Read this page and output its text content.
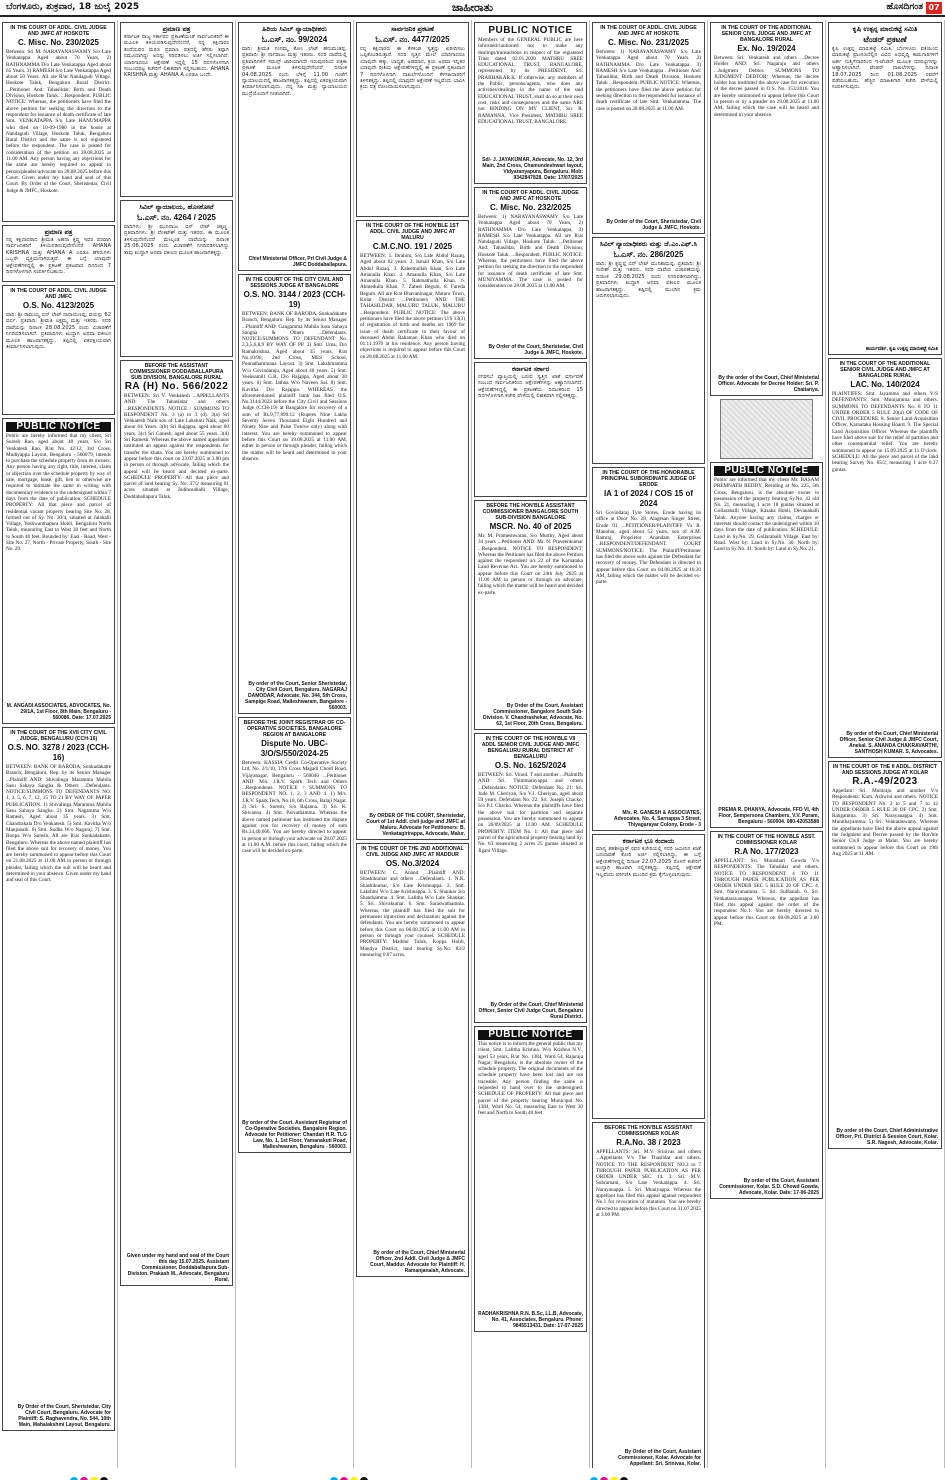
ಬೆಂಗಳೂರು, ಶುಕ್ರವಾರ, 18 ಜುಲೈ 2025	ಜಾಹೀರಾತು	ಹೊಸದಿಗಂತ 07
IN THE COURT OF ADDL. CIVIL JUDGE AND JMFC AT HOSKOTE
C. Misc. No. 230/2025
Between: Sri M. NARAYANASWAMY S/o Late Venkatappa Aged about 70 Years, 2) RATHNAMMA D/o Late Venkatappa Aged about 65 Years. 3) RAMESH S/o Late Venkatappa Aged about 50 Years. All are R/at Nandagudi Village, Hoskote Taluk, Bengaluru Rural District. ...Petitioner And: Tahasildar, Birth and Death Division, Hoskote Taluk. ...Respondent. PUBLIC NOTICE: Whereas, the petitioners have filed the above petition for seeking the direction to the respondent for issuance of death certificate of late Smt. VENKATAPPA S/o Late HANUMAPPA who died on 10-09-1980 in the house at Nandagudi Village, Hoskote Taluk, Bengaluru Rural District and the same is not registered before the respondent. The case is posted for consideration of the petition on 28.08.2025 at 11.00 AM. Any person having any objections for the same are hereby required to appear in person/pleader/advocate on 28.08.2025 before this Court. Given under my hand and seal of this Court. By Order of the Court, Sheristedar, Civil Judge & JMFC, Hoskote.
ಪ್ರಮಾಣ ಪತ್ರ
ನನ್ನ ಕಕ್ಷಿದಾರರಾದ ಶ್ರೀಮತಿ ಅಹನಾ ಕೃಷ್ಣ ಇವರ ಪರವಾಗಿ ಸಾರ್ವಜನಿಕರಿಗೆ ತಿಳಿಯಪಡಿಸುವುದೇನೆಂದರೆ AHANA KRISHNA ಮತ್ತು AHANA A ಎರಡೂ ಹೆಸರುಗಳು ಒಬ್ಬರೇ ವ್ಯಕ್ತಿಯದಾಗಿರುತ್ತವೆ. ಈ ಬಗ್ಗೆ ಯಾವುದೇ ಆಕ್ಷೇಪಣೆಗಳಿದ್ದಲ್ಲಿ ಈ ಪ್ರಕಟಣೆ ಪ್ರಕಟವಾದ ದಿನದಿಂದ 7 ದಿನಗಳೊಳಗಾಗಿ ಸಂಪರ್ಕಿಸಬಹುದು.
IN THE COURT OF ADDL. CIVIL JUDGE AND JMFC
O.S. No. 4123/2025
ವಾದಿ: ಶ್ರೀ ರಾಮಯ್ಯ ಬಿನ್ ಲೇಟ್ ನಾರಾಯಣಪ್ಪ, ವಯಸ್ಸು 62 ವರ್ಷ. ಪ್ರತಿವಾದಿ: ಶ್ರೀಮತಿ ಲಕ್ಷ್ಮಮ್ಮ ಮತ್ತು ಇತರರು. ಸದರಿ ದಾವೆಯನ್ನು ದಿನಾಂಕ 28.08.2025 ರಂದು ವಿಚಾರಣೆಗೆ ನಿಗದಿಪಡಿಸಲಾಗಿದೆ. ಪ್ರತಿವಾದಿಗಳು ಖುದ್ದಾಗಿ ಅಥವಾ ವಕೀಲರ ಮೂಲಕ ಹಾಜರಾಗತಕ್ಕದ್ದು, ತಪ್ಪಿದಲ್ಲಿ ಏಕಪಕ್ಷೀಯವಾಗಿ ತೀರ್ಮಾನಿಸಲಾಗುವುದು.
PUBLIC NOTICE
Public are hereby informed that my client, Sri Suresh Rao, aged about 48 years, S/o Sri Venkatesh Rao, R/at No. 42/12, 3rd Cross, Mudiyappa Layout, Bengaluru - 560079, intends to purchase the schedule property from its owners. Any person having any right, title, interest, claim or objection over the schedule property by way of sale, mortgage, lease, gift, lien or otherwise are required to intimate the same in writing with documentary evidence to the undersigned within 7 days from the date of publication. SCHEDULE PROPERTY: All that piece and parcel of residential vacant property bearing Site No. 28, formed out of Sy. No. 30/4, situated at Jalahalli Village, Yeshwanthapura Hobli, Bengaluru North Taluk, measuring East to West 30 feet and North to South 40 feet. Bounded by: East - Road, West - Site No. 27, North - Private Property, South - Site No. 29.
M. ANGADI ASSOCIATES, ADVOCATES, No. 29/1A, 1st Floor, 8th Main, Bengaluru - 560086. Date: 17.07.2025
IN THE COURT OF THE XVII CITY CIVIL JUDGE, BENGALURU (CCH-16)
O.S. NO. 3278 / 2023 (CCH-16)
BETWEEN: BANK OF BARODA, Sunkadakatte Branch, Bengaluru, Rep. by its Senior Manager ...Plaintiff AND: Shivalinga Maramma Mahila Sasu Sahaya Sangha & Others ...Defendants. NOTICE/SUMMONS TO DEFENDANTS NO. 1, 3, 5, 6, 7, 12, 15 TO 21 BY WAY OF PAPER PUBLICATION. 1) Shivalinga Maramma Mahila Sasu Sahaya Sangha. 2) Smt. Nagamma W/o Ramesh, Aged about 35 years. 3) Smt. Chandrakala D/o Venkatesh. 5) Smt. Kavitha W/o Manjunath. 6) Smt. Sudha W/o Nagaraj. 7) Smt. Roopa W/o Suresh. All are R/at Sunkadakatte, Bengaluru. Whereas the above named plaintiff has filed the above suit for recovery of money. You are hereby summoned to appear before this Court on 21.08.2025 at 11.00 AM in person or through pleader, failing which the suit will be heard and determined in your absence. Given under my hand and seal of this Court.
By Order of the Court, Sheristedar, City Civil Court, Bengaluru. Advocate for Plaintiff: S. Raghavendra, No. 544, 10th Main, Mahalakshmi Layout, Bengaluru.
ಪ್ರಮಾಣ ಪತ್ರ
ಕರ್ನಾಟಕ ರಾಜ್ಯ ಸರ್ಕಾರದ ಪ್ರಕಟಣೆಯಂತೆ ಸಾರ್ವಜನಿಕರಿಗೆ ಈ ಮೂಲಕ ತಿಳಿಯಪಡಿಸುವುದೇನೆಂದರೆ, ನನ್ನ ಕಕ್ಷಿದಾರರ ತಂದೆಯವರ ಮರಣ ಪ್ರಮಾಣ ಪತ್ರದಲ್ಲಿ ಹೆಸರು ತಪ್ಪಾಗಿ ನಮೂದಾಗಿದ್ದು ಅದನ್ನು ಸರಿಪಡಿಸಲು ಅರ್ಜಿ ಸಲ್ಲಿಸಲಾಗಿದೆ. ಯಾರಿಗಾದರೂ ಆಕ್ಷೇಪಣೆ ಇದ್ದಲ್ಲಿ 15 ದಿನಗಳೊಳಗಾಗಿ ಸಂಬಂಧಪಟ್ಟ ಕಚೇರಿಗೆ ಲಿಖಿತವಾಗಿ ಸಲ್ಲಿಸಬಹುದು. AHANA KRISHNA ಮತ್ತು AHANA A ಎರಡೂ ಒಂದೇ.
ಸಿವಿಲ್ ನ್ಯಾಯಾಲಯ, ಹೊಸಕೋಟೆ
ಓ.ಎಸ್. ನಂ. 4264 / 2025
ವಾದಿಗಳು: ಶ್ರೀ ಮುನಿರಾಜು ಬಿನ್ ಲೇಟ್ ಚಿಕ್ಕಣ್ಣ. ಪ್ರತಿವಾದಿಗಳು: ಶ್ರೀ ವೆಂಕಟೇಶ್ ಮತ್ತು ಇತರರು. ಈ ಮೂಲಕ ತಿಳಿಸುವುದೇನೆಂದರೆ ಮೇಲ್ಕಂಡ ದಾವೆಯನ್ನು ದಿನಾಂಕ 25.08.2025 ರಂದು ವಿಚಾರಣೆಗೆ ನಿಗದಿಪಡಿಸಲಾಗಿದ್ದು ತಾವು ಖುದ್ದಾಗಿ ಅಥವಾ ವಕೀಲರ ಮೂಲಕ ಹಾಜರಾಗತಕ್ಕದ್ದು.
BEFORE THE ASSISTANT COMMISSIONER DODDABALLAPURA SUB DIVISION, BANGALORE RURAL
RA (H) No. 566/2022
BETWEEN: Sri V. Venkatesh ...APPELLANTS AND: The Tahasildar and others ...RESPONDENTS. NOTICE / SUMMONS TO RESPONDENT No. 3 (a) to 3 (d). 3(a) Sri Venkatesh Naik son of Late Lakshmi Naik, aged about 64 Years. 3(b) Sri Rajappa, aged about 60 years. 3(c) Sri Ganesh, aged about 55 years. 3(d) Sri Ramesh. Whereas the above named appellants instituted an appeal against the respondents for transfer the khata. You are hereby summoned to appear before this court on 23.07.2025 at 3.00 pm in person or through advocate, failing which the appeal will be heard and decided ex-parte. SCHEDULE PROPERTY: All that piece and parcel of land bearing Sy. No. 37/2 measuring 01 acres situated at Jodihosahalli Village, Doddaballapura Taluk.
Given under my hand and seal of the Court this day 15.07.2025. Assistant Commissioner, Doddaballapura Sub-Division. Prakash M., Advocate, Bengaluru Rural.
ಹಿರಿಯ ಸಿವಿಲ್ ನ್ಯಾಯಾಧೀಶರು
ಓ.ಎಸ್. ನಂ. 99/2024
ವಾದಿ: ಶ್ರೀಮತಿ ಗಂಗಮ್ಮ ಕೋಂ ಲೇಟ್ ಹನುಮಂತಪ್ಪ. ಪ್ರತಿವಾದಿ: ಶ್ರೀ ನಾಗರಾಜು ಮತ್ತು ಇತರರು. ಸದರಿ ದಾವೆಯಲ್ಲಿ ಪ್ರತಿವಾದಿಗಳಿಗೆ ಸಮನ್ಸ್ ಜಾರಿಯಾಗದೇ ಇರುವುದರಿಂದ ಪತ್ರಿಕಾ ಪ್ರಕಟಣೆ ಮೂಲಕ ತಿಳಿಸುವುದೇನೆಂದರೆ ದಿನಾಂಕ 04.08.2025 ರಂದು ಬೆಳಿಗ್ಗೆ 11.00 ಗಂಟೆಗೆ ನ್ಯಾಯಾಲಯದಲ್ಲಿ ಹಾಜರಾಗತಕ್ಕದ್ದು, ತಪ್ಪಿದಲ್ಲಿ ಏಕಪಕ್ಷೀಯವಾಗಿ ತೀರ್ಮಾನಿಸಲಾಗುವುದು. ನನ್ನ ಸಹಿ ಮತ್ತು ನ್ಯಾಯಾಲಯದ ಮುದ್ರೆಯೊಂದಿಗೆ ನೀಡಲಾಗಿದೆ.
Chief Ministerial Officer, Prl Civil Judge & JMFC Doddaballapura.
IN THE COURT OF THE CITY CIVIL AND SESSIONS JUDGE AT BANGALORE
O.S. NO. 3144 / 2023 (CCH-19)
BETWEEN: BANK OF BARODA, Sunkadakatte Branch, Bengaluru. Rep. by its Senior Manager ...Plaintiff AND: Gangamma Mahila Sasu Sahaya Sangha & Others ...Defendants. NOTICE/SUMMONS TO DEFENDANT No. 2,3,5,6,8,9 BY WAY OF PP. 2) Smt. Uma, D/o Ramakrishna, Aged about 35 years, R/at No.10/96, 2nd Cross, MES School, Ponnathammana Layout. 3) Smt. Lakshmamma W/o Govindaraju, Aged about 40 years. 5) Smt. Veeksamill G.R. D/o Rajappa, Aged about 30 years. 6) Smt. Jathna W/o Naveen Sai. 8) Smt. Kavitha D/o Rajappa. WHEREAS the aforementioned plaintiff bank has filed O.S. No.3144/2023 before the City Civil and Sessions Judge (CCH-19) at Bangalore for recovery of a sum of Rs.9,77,899.12 (Rupees Nine Lakhs Seventy Seven Thousand Eight Hundred and Ninety Nine and Paise Twelve only) along with interest. You are hereby summoned to appear before this Court on 19.08.2025 at 11.00 AM, either in person or through pleader, failing which the matter will be heard and determined in your absence.
By order of the Court, Senior Sheristedar, City Civil Court, Bengaluru. NAGARAJ DAMODAR, Advocate, No. 344, 5th Cross, Sampige Road, Malleshwaram, Bangalore - 560003.
BEFORE THE JOINT REGISTRAR OF CO-OPERATIVE SOCIETIES, BANGALORE REGION AT BANGALORE
Dispute No. UBC-3/O/S/550/2024-25
Between: KASSIA Credit Co-Operative Society Ltd, No. 2/1/10, 17th Cross Magadi Chord Road, Vijayanagar, Bengaluru - 560040 ...Petitioner AND: M/s. J.R.V. Spark Tech and Others ...Respondents. NOTICE / SUMMONS TO RESPONDENT NO. 1, 2, 3 AND 4. 1) M/s. J.R.V. Spark Tech, No.18, 6th Cross, Balaji Nagar. 2) Sri. S. Suresh, S/o Rajanna. 3) Sri. K. Shivanna. 4) Smt. Parvathamma. Whereas the above named petitioner has instituted the dispute against you for recovery of money of sum Rs.14,40,666. You are hereby directed to appear in person or through your advocate on 28.07.2025 at 11.00 A.M. before this court, failing which the case will be decided ex-parte.
By order of the Court. Assistant Registrar of Co-Operative Societies, Bangalore Region. Advocate for Petitioner: Chandan H.R. TLG Law, No. 1, 1st Floor, Yamanakuti Road, Malleshwaram, Bengaluru - 560003.
ಸಾರ್ವಜನಿಕ ಪ್ರಕಟಣೆ
ಓ.ಎಸ್. ನಂ. 4477/2025
ನನ್ನ ಕಕ್ಷಿದಾರರು ಈ ಕೆಳಕಂಡ ಸ್ವತ್ತನ್ನು ಖರೀದಿಸಲು ಒಪ್ಪಿಕೊಂಡಿರುತ್ತಾರೆ. ಸದರಿ ಸ್ವತ್ತಿನ ಮೇಲೆ ಯಾರಿಗಾದರೂ ಯಾವುದೇ ಹಕ್ಕು, ಬಾಧ್ಯತೆ, ಅಡಮಾನ, ಕ್ರಯ ಅಥವಾ ಇನ್ನಿತರ ಯಾವುದೇ ರೀತಿಯ ಆಕ್ಷೇಪಣೆಗಳಿದ್ದಲ್ಲಿ ಈ ಪ್ರಕಟಣೆ ಪ್ರಕಟವಾದ 7 ದಿನಗಳೊಳಗಾಗಿ ದಾಖಲೆಗಳೊಂದಿಗೆ ಕೆಳಸಹಿದಾರರಿಗೆ ತಿಳಿಸತಕ್ಕದ್ದು. ತಪ್ಪಿದಲ್ಲಿ ಯಾವುದೇ ಆಕ್ಷೇಪಣೆ ಇಲ್ಲವೆಂದು ಭಾವಿಸಿ ಕ್ರಯ ಪತ್ರ ನೋಂದಾಯಿಸಲಾಗುವುದು.
IN THE COURT OF THE HON'BLE 1ST ADDL. CIVIL JUDGE AND JMFC AT MALURU
C.M.C.NO. 191 / 2025
BETWEEN: 1. Ibrahim, S/o Late Abdul Razaq, Aged about 62 years. 2. Ismail Khan, S/o Late Abdul Razaq. 3. Kaleemullah Khan, S/o Late Amanulla Khan. 4. Amanulla Khan, S/o Late Amanulla Khan. 5. Rahmathulla Khan. 6. Ahmedulla Khan. 7. Zahed Begum. 8. Fareda Begum. All are R/at Bhavaninagar, Maluru Town, Kolar District ...Petitioners AND: THE TAHASILDAR, MALURU TALUK, MALURU ...Respondent. PUBLIC NOTICE: The above petitioners have filed the above petition U/S 13(3) of registration of birth and deaths act 1969 for issue of death certificate in their favour of deceased Abdul Rahaman Khan who died on 01.11.1976 at his residence. Any person having objections is required to appear before this Court on 28.08.2025 at 11.00 AM.
By ORDER OF THE COURT, Sheristedar, Court of 1st Addl. civil judge and JMFC at Maluru. Advocate for Petitioners: B. Venkatagirirappa, Advocate, Malur.
IN THE COURT OF THE 2ND ADDITIONAL CIVIL JUDGE AND JMFC AT MADDUR
OS. No.3/2024
BETWEEN: C. Anand ...Plaintiff AND: Shashikumar and others ...Defendants. 1. N.K. Shashikumar, S/o Late Krishnappa. 2. Smt. Lakshmi W/o Late Krishnappa. 3. S. Shankar S/o Shanthamma. 4. Smt. Lalitha W/o Late Shankar. 5. Sri. Shivakumar. 6. Smt. Saraswathamma. Whereas, the plaintiff has filed the suit for permanent injunction and declaration against the defendants. You are hereby summoned to appear before this Court on 06.08.2025 at 11.00 AM in person or through your counsel. SCHEDULE PROPERTY: Maddur Taluk, Koppa Hobli, Mandya District, land bearing Sy.No. 83/2 measuring 0.07 acres.
By order of the Court, Chief Ministerial Officer, 2nd Addl. Civil Judge & JMFC Court, Maddur. Advocate for Plaintiff: H. Ramanjanaiah, Advocate.
PUBLIC NOTICE
Members of the GENERAL PUBLIC are here informed/cautioned not to make any dealings/transactions in respect of the registered Trust dated 02.01.2020 MATHRU SREE EDUCATIONAL TRUST, BANGALORE, represented by its PRESIDENT, Sri. PRABHAKAR.K. If otherwise, any members of the Public, persons/agents, who does any activities/dealings in the name of the said EDUCATIONAL TRUST, shall do so at their own cost, risks and consequences and the same ARE not BINDING ON MY CLIENT, Sri. R. RAMANNA, Vice President, MATHRU SREE EDUCATIONAL TRUST, BANGALORE.
Sd/- J. JAYAKUMAR, Advocate, No. 12, 3rd Main, 2nd Cross, Chamundeshwari layout, Vidyaranyapura, Bengaluru. Mob: 9342847828. Date: 17/07/2025
IN THE COURT OF ADDL. CIVIL JUDGE AND JMFC AT HOSKOTE
C. Misc. No. 232/2025
Between: 1) NARAYANASWAMY S/o Late Venkatappa Aged about 70 Years, 2) RATHNAMMA D/o Late Venkatappa, 3) RAMESH S/o Late Venkatappa. All are R/at Nandagudi Village, Hoskote Taluk. ...Petitioner And: Tahasildar, Birth and Death Division, Hoskote Taluk. ...Respondent. PUBLIC NOTICE: Whereas, the petitioners have filed the above petition for seeking the direction to the respondent for issuance of death certificate of late Smt. MUNIYAMMA. The case is posted for consideration on 28.08.2025 at 11.00 AM.
By Order of the Court, Sheristedar, Civil Judge & JMFC, Hoskote.
ಕರ್ನಾಟಕ ಸರ್ಕಾರ
ನಗರಸಭೆ ವ್ಯಾಪ್ತಿಯಲ್ಲಿ ಬರುವ ಸ್ವತ್ತಿನ ಖಾತೆ ವರ್ಗಾವಣೆ ಸಂಬಂಧ ಸಾರ್ವಜನಿಕರಿಂದ ಆಕ್ಷೇಪಣೆಗಳನ್ನು ಆಹ್ವಾನಿಸಲಾಗಿದೆ. ಆಕ್ಷೇಪಣೆಗಳಿದ್ದಲ್ಲಿ ಈ ಪ್ರಕಟಣೆಯ ದಿನಾಂಕದಿಂದ 15 ದಿನಗಳೊಳಗಾಗಿ ಕಚೇರಿ ವೇಳೆಯಲ್ಲಿ ಲಿಖಿತವಾಗಿ ಸಲ್ಲಿಸತಕ್ಕದ್ದು.
BEFORE THE HON'BLE ASSISTANT COMMISSIONER BANGALORE SOUTH SUB-DIVISION BANGALORE
MSCR. No. 40 of 2025
Mr. M. Prameshwaran, S/o Murthy, Aged about 34 years ...Petitioner AND: Mr. N. Praveenkumar ...Respondent. NOTICE TO RESPONDENT: Whereas the Petitioner has filed the above Petition against the respondent u/s 22 of the Karnataka Land Revenue Act. You are hereby summoned to appear before this Court on 24th July 2025 at 11.00 AM in person or through an advocate, failing which the matter will be heard and decided ex-parte.
By Order of the Court, Assistant Commissioner, Bangalore South Sub-Division. V. Chandrashekar, Advocate, No. 62, 1st Floor, 20th Cross, Bengaluru.
IN THE COURT OF THE HON'BLE VII ADDL SENIOR CIVIL JUDGE AND JMFC BENGALURU RURAL DISTRICT AT BENGALURU
O.S. No. 1625/2024
BETWEEN: Sri. Vinod. T and another ...Plaintiffs AND: Sri. Thimmarayappa and others ...Defendants. NOTICE: Defendant No. 21: Sri. Jude M. Cheriyan, S/o V.J. Cheriyan, aged about 59 years. Defendant No. 22: Sri. Joseph Chacko, S/o P.J. Chacko. Whereas the plaintiffs have filed the above suit for partition and separate possession. You are hereby summoned to appear on 26/09/2025 at 11.00 AM. SCHEDULE PROPERTY: ITEM No. 1: All that piece and parcel of the agricultural property bearing land Sy. No. 63 measuring 2 acres 25 guntas situated at Jigani Village.
By Order of the Court, Chief Ministerial Officer, Senior Civil Judge Court, Bengaluru Rural District.
PUBLIC NOTICE
This notice is to inform the general public that my client, Smt. Lalitha Krishna, W/o Krishna N.V., aged 53 years, R/at No. 1384, Ward 54, Rajaraja Nagar, Bengaluru, is the absolute owner of the schedule property. The original documents of the schedule property have been lost and are not traceable. Any person finding the same is requested to hand over to the undersigned. SCHEDULE OF PROPERTY: All that piece and parcel of the property bearing Municipal No. 1384, Ward No. 54, measuring East to West 30 feet and North to South 40 feet.
RADHAKRISHNA R.N. B.Sc, LL.B, Advocate, No. 41, Associates, Bengaluru. Phone: 9845513431. Date: 17-07-2025
IN THE COURT OF ADDL. CIVIL JUDGE AND JMFC AT HOSKOTE
C. Misc. No. 231/2025
Between: 1) NARAYANASWAMY S/o Late Venkatappa Aged about 70 Years. 2) RATHNAMMA D/o Late Venkatappa. 3) RAMESH S/o Late Venkatappa ...Petitioner And: Tahasildar, Birth and Death Division, Hoskote Taluk ...Respondent. PUBLIC NOTICE: Whereas, the petitioners have filed the above petition for seeking direction to the respondent for issuance of death certificate of late Smt. Venkatamma. The case is posted on 28.08.2025 at 11.00 AM.
By Order of the Court, Sheristedar, Civil Judge & JMFC, Hoskote.
ಸಿವಿಲ್ ನ್ಯಾಯಾಧೀಶರು ಮತ್ತು ಜೆ.ಎಂ.ಎಫ್.ಸಿ
ಓ.ಎಸ್. ನಂ. 286/2025
ವಾದಿ: ಶ್ರೀ ಕೃಷ್ಣಪ್ಪ ಬಿನ್ ಲೇಟ್ ಮುನಿಶಾಮಪ್ಪ. ಪ್ರತಿವಾದಿ: ಶ್ರೀ ಸುರೇಶ್ ಮತ್ತು ಇತರರು. ಸದರಿ ದಾವೆಯ ವಿಚಾರಣೆಯನ್ನು ದಿನಾಂಕ 29.08.2025 ರಂದು ನಿಗದಿಪಡಿಸಲಾಗಿದ್ದು, ಪ್ರತಿವಾದಿಗಳು ಖುದ್ದಾಗಿ ಅಥವಾ ವಕೀಲರ ಮೂಲಕ ಹಾಜರಾಗತಕ್ಕದ್ದು. ತಪ್ಪಿದಲ್ಲಿ ಮುಂದಿನ ಕ್ರಮ ಜರುಗಿಸಲಾಗುವುದು.
IN THE COURT OF THE HONORABLE PRINCIPAL SUBORDINATE JUDGE OF ERODE
IA 1 of 2024 / COS 15 of 2024
Sri Govindaraj Tyre Stores, Erode having its office at Door No. 28, Alagesan Singer Street, Erode 01 ...PETITIONER/PLAINTIFF Vs R. Manohar, aged about 52 years, son of A.M. Ramraj, Proprietor Anandam Enterprises ...RESPONDENT/DEFENDANT. COURT SUMMONS/NOTICE: The Plaintiff/Petitioner has filed the above suits against the Defendant for recovery of money. The Defendant is directed to appear before this Court on 04.08.2025 at 10.30 AM, failing which the matter will be decided ex-parte.
M/s. R. GANESH & ASSOCIATES, Advocates, No. 4, Sarnappa 3 Street, Thiyagarayar Colony, Erode - 3
ಕರ್ನಾಟಕ ಭೂ ಕಂದಾಯ
ಮಾನ್ಯ ತಹಶೀಲ್ದಾರ್ ರವರ ಕಚೇರಿಯಲ್ಲಿ ಸದರಿ ಜಮೀನಿನ ಖಾತೆ ಬದಲಾವಣೆ ಕೋರಿ ಅರ್ಜಿ ಸಲ್ಲಿಸಲಾಗಿದ್ದು, ಈ ಬಗ್ಗೆ ಆಕ್ಷೇಪಣೆಗಳಿದ್ದಲ್ಲಿ ದಿನಾಂಕ 22.07.2025 ರೊಳಗೆ ಕಚೇರಿಗೆ ಖುದ್ದಾಗಿ ಹಾಜರಾಗಿ ಸಲ್ಲಿಸತಕ್ಕದ್ದು. ತಪ್ಪಿದಲ್ಲಿ ಆಕ್ಷೇಪಣೆ ಇಲ್ಲವೆಂದು ಪರಿಗಣಿಸಿ ಮುಂದಿನ ಕ್ರಮ ಕೈಗೊಳ್ಳಲಾಗುವುದು.
BEFORE THE HON'BLE ASSISTANT COMMISSIONER KOLAR
R.A.No. 38 / 2023
APPELLANTS: Sri. M.V. Srinivas and others ...Appellants V/s The Thasildar and others. NOTICE TO THE RESPONDENT NO.3 to 7 THROUGH PAPER PUBLICATION AS PER ORDER UNDER SEC 14. 3. Sri. M.V. Subramani, S/o Late Venkatappa. 4. Sri. Narayanappa. 5. Sri. Muniyappa. Whereas the appellant has filed this appeal against respondent No.1 for revocation of mutation. You are hereby directed to appear before this Court on 31.07.2025 at 3.00 PM.
By Order of the Court, Assistant Commissioner, Kolar. Advocate for Appellant: Sri. Srinivas, Kolar.
IN THE COURT OF THE ADDITIONAL SENIOR CIVIL JUDGE AND JMFC AT BANGALORE RURAL
Ex. No. 19/2024
Between: Sri. Venkatesh and others ...Decree Holder AND: Sri. Nagaraju and others ...Judgment Debtor. SUMMONS TO JUDGMENT DEBTOR: Whereas, the decree holder has instituted the above case for execution of the decree passed in O.S. No. 153/2016. You are hereby summoned to appear before this Court in person or by a pleader on 29.08.2025 at 11.00 AM, failing which the case will be heard and determined in your absence.
By the order of the Court, Chief Ministerial Officer. Advocate for Decree Holder: Sri. P. Chaitanya.
PUBLIC NOTICE
Public are informed that my client Mr. BASAM PREMNATH REDDY, Residing at No. 225, 5th Cross, Bengaluru, is the absolute owner in possession of the property bearing Sy.No. 42 old No. 21, measuring 1 acre 18 guntas situated at Gollarahalli Village, Kasaba Hobli, Devanahalli Taluk. Anyone having any claims, charges or interests should contact the undersigned within 10 days from the date of publication. SCHEDULE: Land in Sy.No. 29, Gollarahalli Village. East by: Road. West by: Land in Sy.No. 30. North by: Land in Sy.No. 41. South by: Land in Sy.No. 21.
PREMA R. DHANYA, Advocate, FFD VI, 4th Floor, Sempersona Chambers, V.V. Puram, Bengaluru - 560004. 080-42053588
IN THE COURT OF THE HON'BLE ASST. COMMISSIONER KOLAR
R.A No. 177/2023
APPELLANT: Sri. Munishari Gowda V/s RESPONDENTS: The Tahsildar and others. NOTICE TO RESPONDENT 4 TO 11 THROUGH PAPER PUBLICATION AS PER ORDER UNDER SEC 5 RULE 20 OF CPC. 4. Smt. Narayanamma. 5. Sri. Subbaiah. 6. Sri. Venkataravanappa. Whereas, the appellant has filed this appeal against the order of the respondent No.1. You are hereby directed to appear before this Court on 08.08.2025 at 3.00 PM.
By order of the Court, Assistant Commissioner, Kolar. S.D. Chowd Gowda, Advocate, Kolar. Date: 17-06-2025
ಕೃಷಿ ಉತ್ಪನ್ನ ಮಾರುಕಟ್ಟೆ ಸಮಿತಿ
ಟೆಂಡರ್ ಪ್ರಕಟಣೆ
ಕೃಷಿ ಉತ್ಪನ್ನ ಮಾರುಕಟ್ಟೆ ಸಮಿತಿ, ಬೆಂಗಳೂರು ವತಿಯಿಂದ ಮಾರುಕಟ್ಟೆ ಪ್ರಾಂಗಣದಲ್ಲಿನ ವಿವಿಧ ಅಭಿವೃದ್ಧಿ ಕಾಮಗಾರಿಗಳಿಗೆ ಅರ್ಹ ಗುತ್ತಿಗೆದಾರರಿಂದ ಇ-ಟೆಂಡರ್ ಮೂಲಕ ದರಪಟ್ಟಿಗಳನ್ನು ಆಹ್ವಾನಿಸಲಾಗಿದೆ. ಟೆಂಡರ್ ದಾಖಲೆಗಳನ್ನು ದಿನಾಂಕ 18.07.2025 ರಿಂದ 01.08.2025 ರವರೆಗೆ ಪಡೆಯಬಹುದು. ಹೆಚ್ಚಿನ ಮಾಹಿತಿಗಾಗಿ ಕಚೇರಿ ವೇಳೆಯಲ್ಲಿ ಸಂಪರ್ಕಿಸುವುದು.
ಕಾರ್ಯದರ್ಶಿ, ಕೃಷಿ ಉತ್ಪನ್ನ ಮಾರುಕಟ್ಟೆ ಸಮಿತಿ
IN THE COURT OF THE ADDITIONAL SENIOR CIVIL JUDGE AND JMFC AT BANGALORE RURAL
LAC. No. 140/2024
PLAINTIFFS: Smt. Jayamma and others V/S DEFENDANTS: Smt. Munijamma and others. SUMMONS TO DEFENDANTS No. 8 TO 11 UNDER ORDER 5 RULE 20(a) OF CODE OF CIVIL PROCEDURE. 8. Senior Land Acquisition Officer, Karnataka Housing Board. 9. The Special Land Acquisition Officer. Whereas the plaintiffs have filed above suit for the relief of partition and other consequential relief. You are hereby summoned to appear on 15.09.2025 at 11 O'clock. SCHEDULE: All the piece and parcel of the land bearing Survey No. 85/2, measuring 1 acre 0.37 guntas.
By order of the Court, Chief Ministerial Officer, Senior Civil Judge & JMFC Court, Anekal. S. ANANDA CHAKRAVARTHI, SANTHOSH KUMAR. S, Advocates.
IN THE COURT OF THE II ADDL. DISTRICT AND SESSIONS JUDGE AT KOLAR
R.A.-49/2023
Appellant: Sri. Muniraju and another V/s Respondents: Kum. Ashwini and others. NOTICE TO RESPONDENT No. 2 to 5 and 7 to 12 UNDER ORDER 5 RULE 20 OF CPC. 2) Smt. Rangamma. 3) Sri. Narayanappa. 4) Smt. Munithayamma. 5) Sri. Venkataswamy. Whereas the appellants have filed the above appeal against the Judgment and Decree passed by the Hon'ble Senior Civil Judge at Malur. You are hereby summoned to appear before this Court on 19th Aug 2025 at 11 AM.
By order of the Court, Chief Administrative Officer, Prl. District & Session Court, Kolar. S.R. Nagesh, Advocate, Kolar.
